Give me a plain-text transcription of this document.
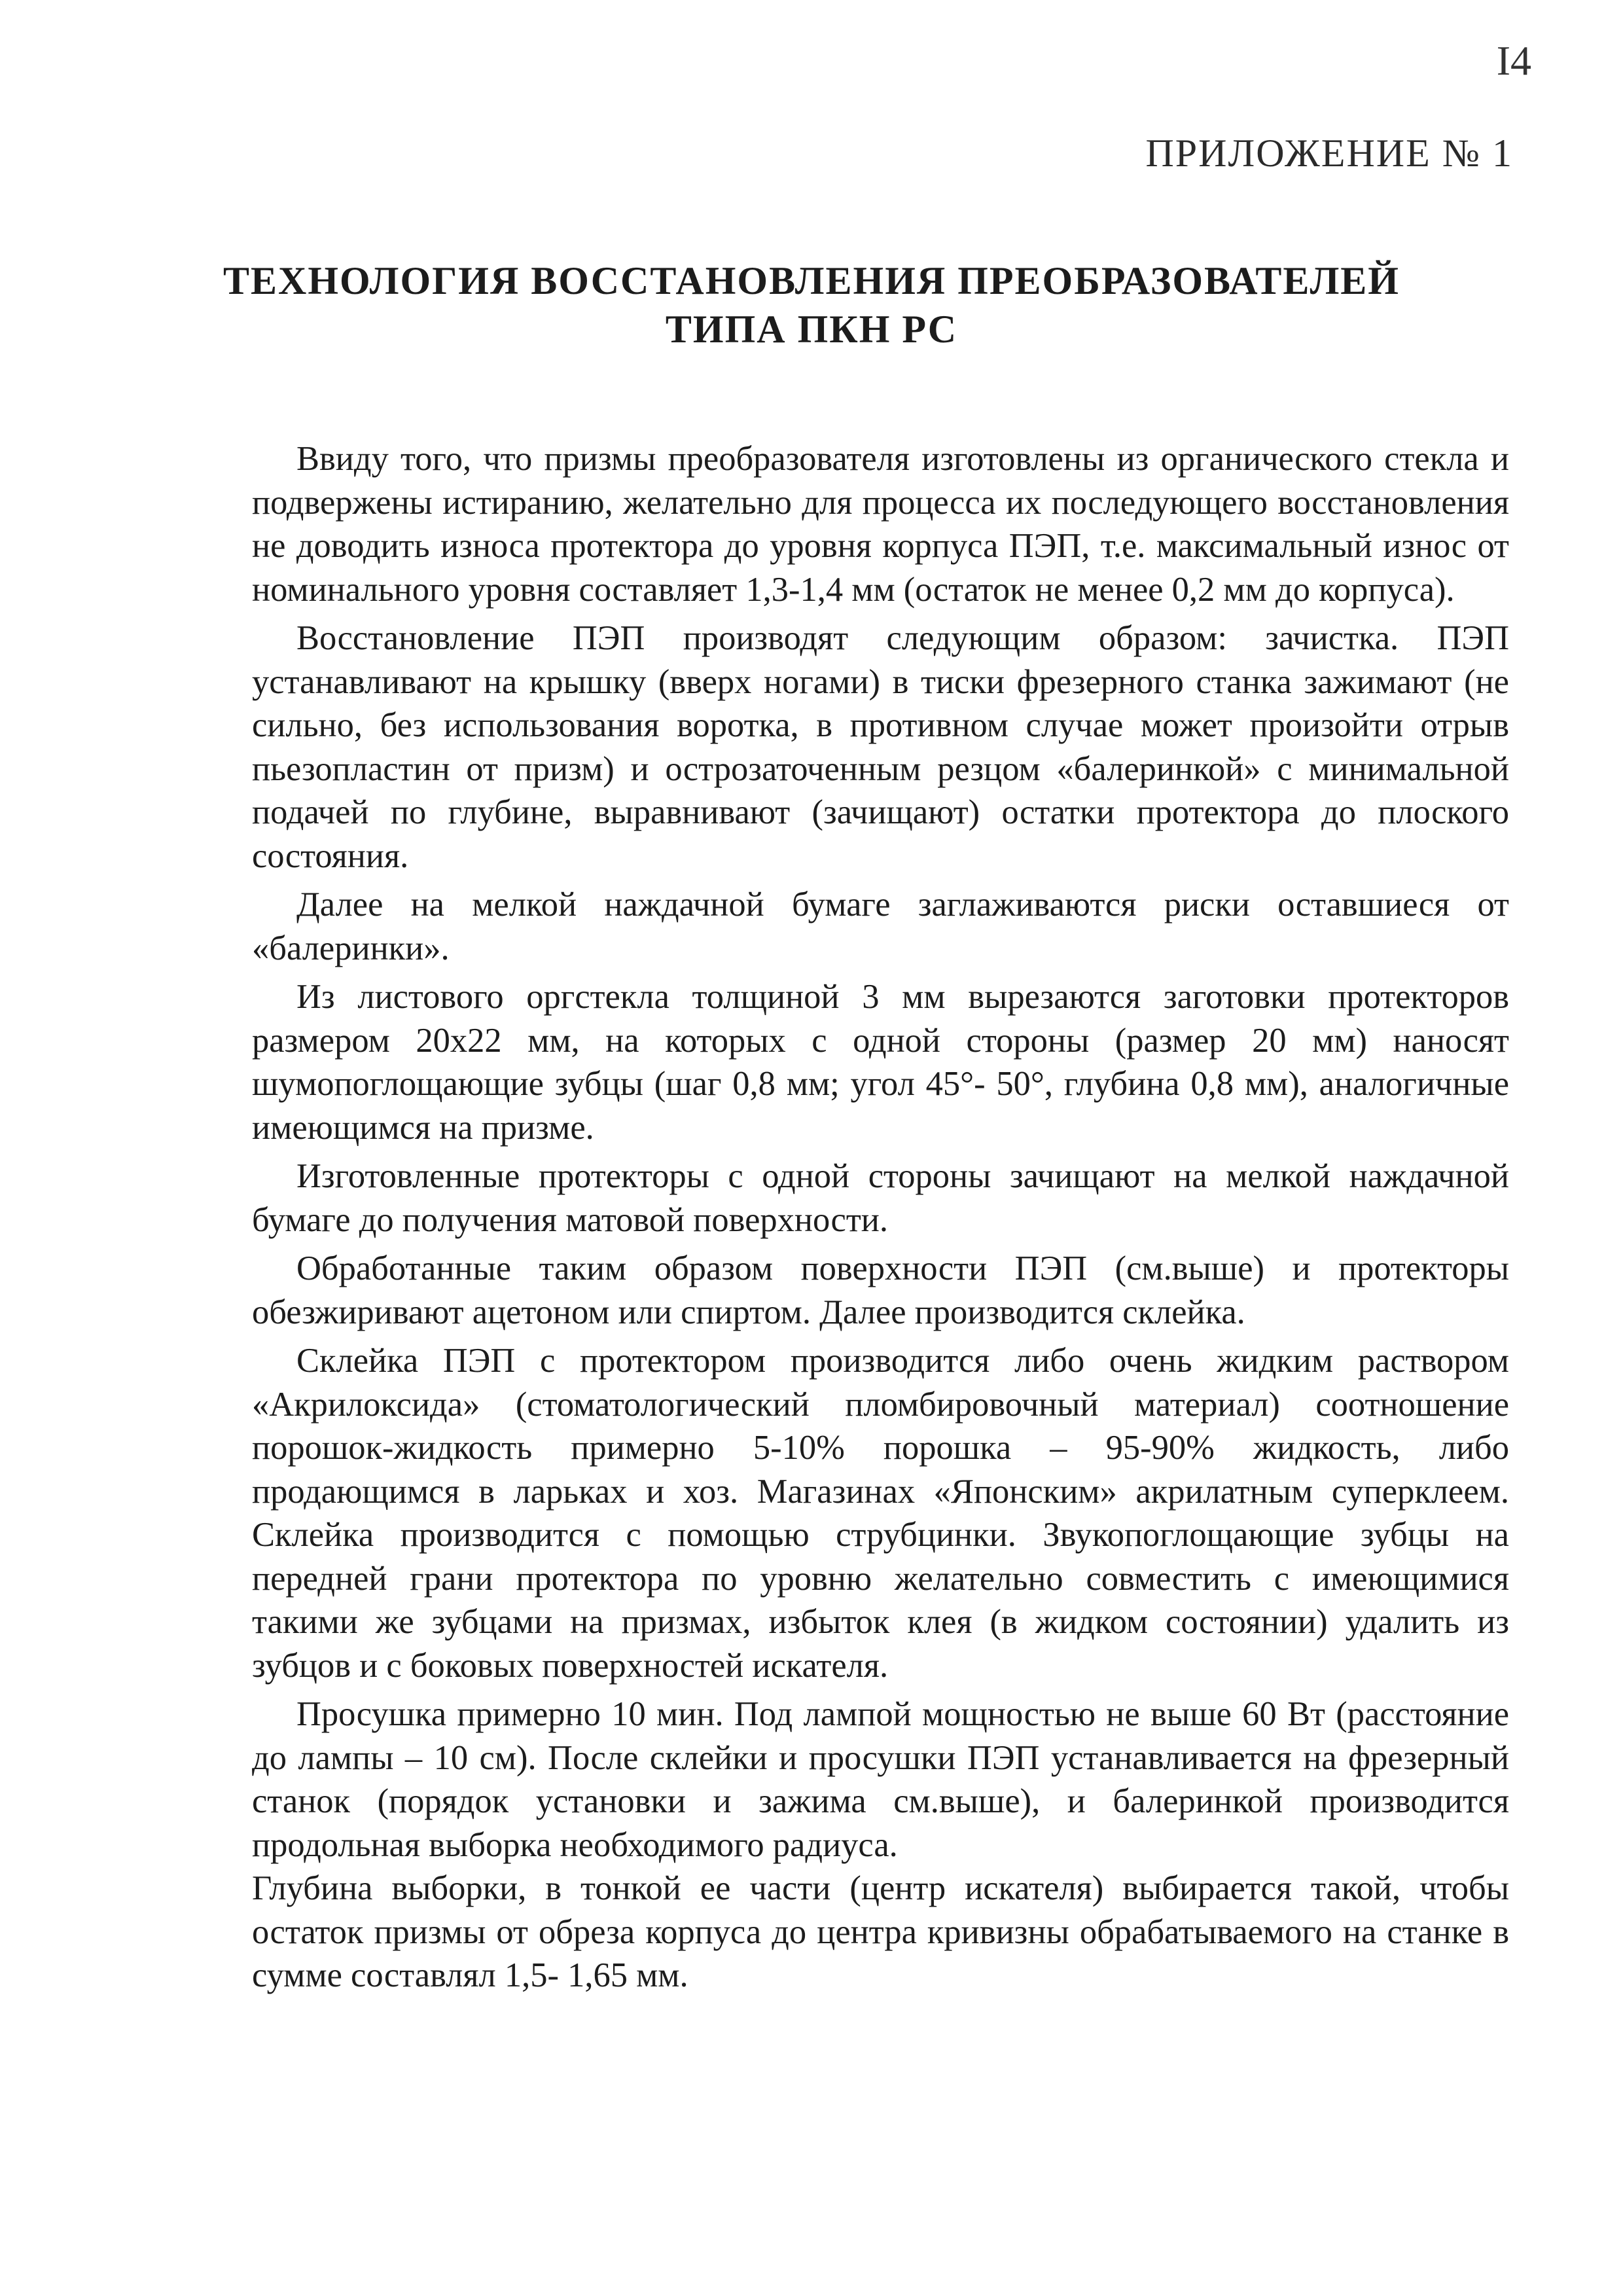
I4
ПРИЛОЖЕНИЕ № 1
ТЕХНОЛОГИЯ ВОССТАНОВЛЕНИЯ ПРЕОБРАЗОВАТЕЛЕЙ
ТИПА ПКН РС

Ввиду того, что призмы преобразователя изготовлены из органического стекла и подвержены истиранию, желательно для процесса их последующего восстановления не доводить износа протектора до уровня корпуса ПЭП, т.е. максимальный износ от номинального уровня составляет 1,3-1,4 мм (остаток не менее 0,2 мм до корпуса).

Восстановление ПЭП производят следующим образом: зачистка. ПЭП устанавливают на крышку (вверх ногами) в тиски фрезерного станка зажимают (не сильно, без использования воротка, в противном случае может произойти отрыв пьезопластин от призм) и острозаточенным резцом «балеринкой» с минимальной подачей по глубине, выравнивают (зачищают) остатки протектора до плоского состояния.

Далее на мелкой наждачной бумаге заглаживаются риски оставшиеся от «балеринки».

Из листового оргстекла толщиной 3 мм вырезаются заготовки протекторов размером 20х22 мм, на которых с одной стороны (размер 20 мм) наносят шумопоглощающие зубцы (шаг 0,8 мм; угол 45°- 50°, глубина 0,8 мм), аналогичные имеющимся на призме.

Изготовленные протекторы с одной стороны зачищают на мелкой наждачной бумаге до получения матовой поверхности.

Обработанные таким образом поверхности ПЭП (см.выше) и протекторы обезжиривают ацетоном или спиртом. Далее производится склейка.

Склейка ПЭП с протектором производится либо очень жидким раствором «Акрилоксида» (стоматологический пломбировочный материал) соотношение порошок-жидкость примерно 5-10% порошка – 95-90% жидкость, либо продающимся в ларьках и хоз. Магазинах «Японским» акрилатным суперклеем. Склейка производится с помощью струбцинки. Звукопоглощающие зубцы на передней грани протектора по уровню желательно совместить с имеющимися такими же зубцами на призмах, избыток клея (в жидком состоянии) удалить из зубцов и с боковых поверхностей искателя.

Просушка примерно 10 мин. Под лампой мощностью не выше 60 Вт (расстояние до лампы – 10 см). После склейки и просушки ПЭП устанавливается на фрезерный станок (порядок установки и зажима см.выше), и балеринкой производится продольная выборка необходимого радиуса.

Глубина выборки, в тонкой ее части (центр искателя) выбирается такой, чтобы остаток призмы от обреза корпуса до центра кривизны обрабатываемого на станке в сумме составлял 1,5- 1,65 мм.
